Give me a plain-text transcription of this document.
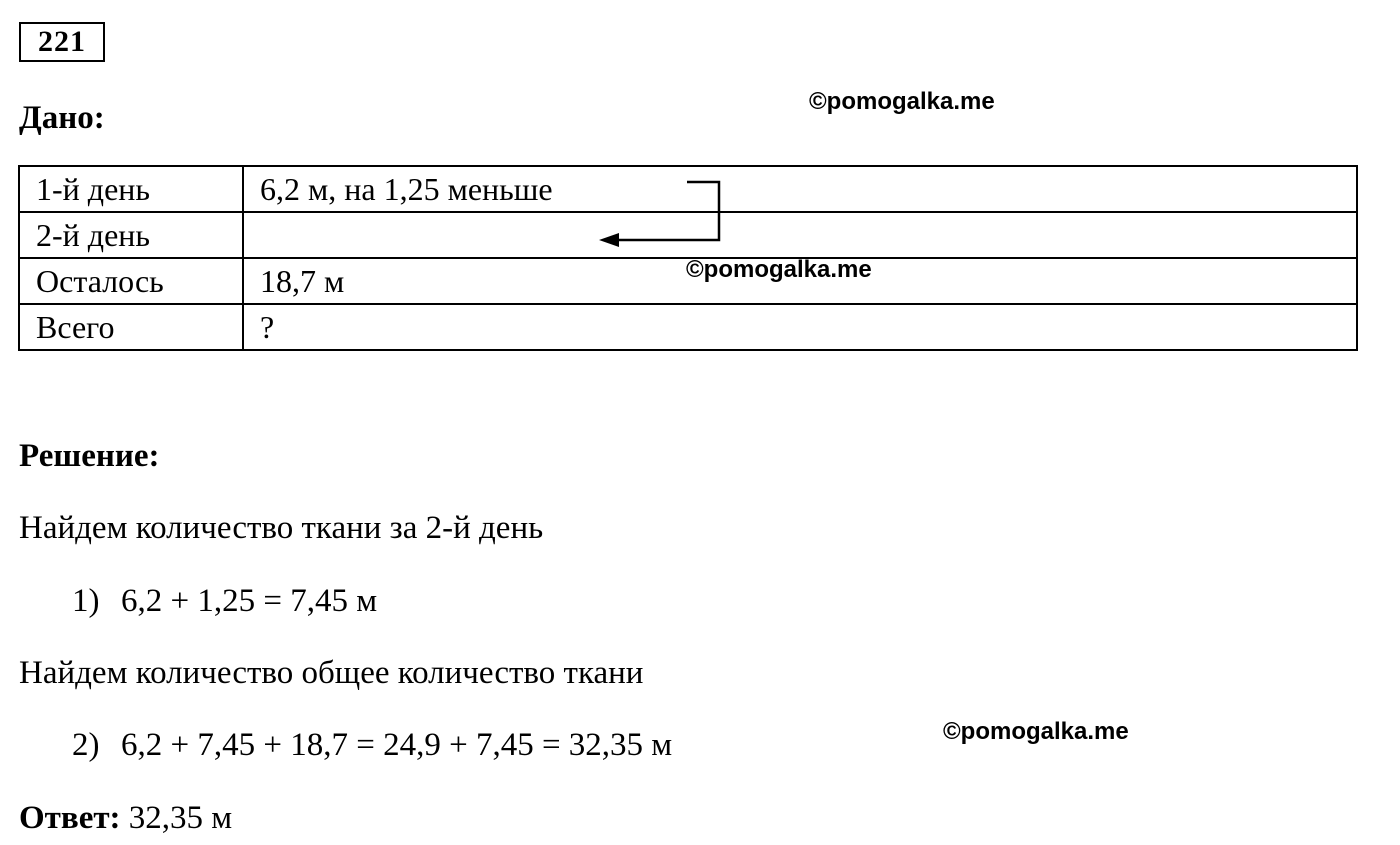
221
Дано:	©pomogalka.me
1-й день	6,2 м, на 1,25 меньше
2-й день	
Осталось	18,7 м
Всего	?
©pomogalka.me
Решение:
Найдем количество ткани за 2-й день
1) 6,2 + 1,25 = 7,45 м
Найдем количество общее количество ткани
2) 6,2 + 7,45 + 18,7 = 24,9 + 7,45 = 32,35 м	©pomogalka.me
Ответ: 32,35 м
